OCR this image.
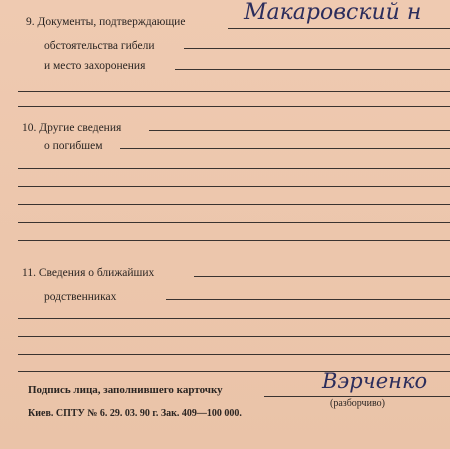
9. Документы, подтверждающие	Макаровский н
обстоятельства гибели
и место захоронения
10. Другие сведения
о погибшем
11. Сведения о ближайших
родственниках
Подпись лица, заполнившего карточку	Вэрченко
(разборчиво)
Киев. СПТУ № 6. 29. 03. 90 г. Зак. 409—100 000.
